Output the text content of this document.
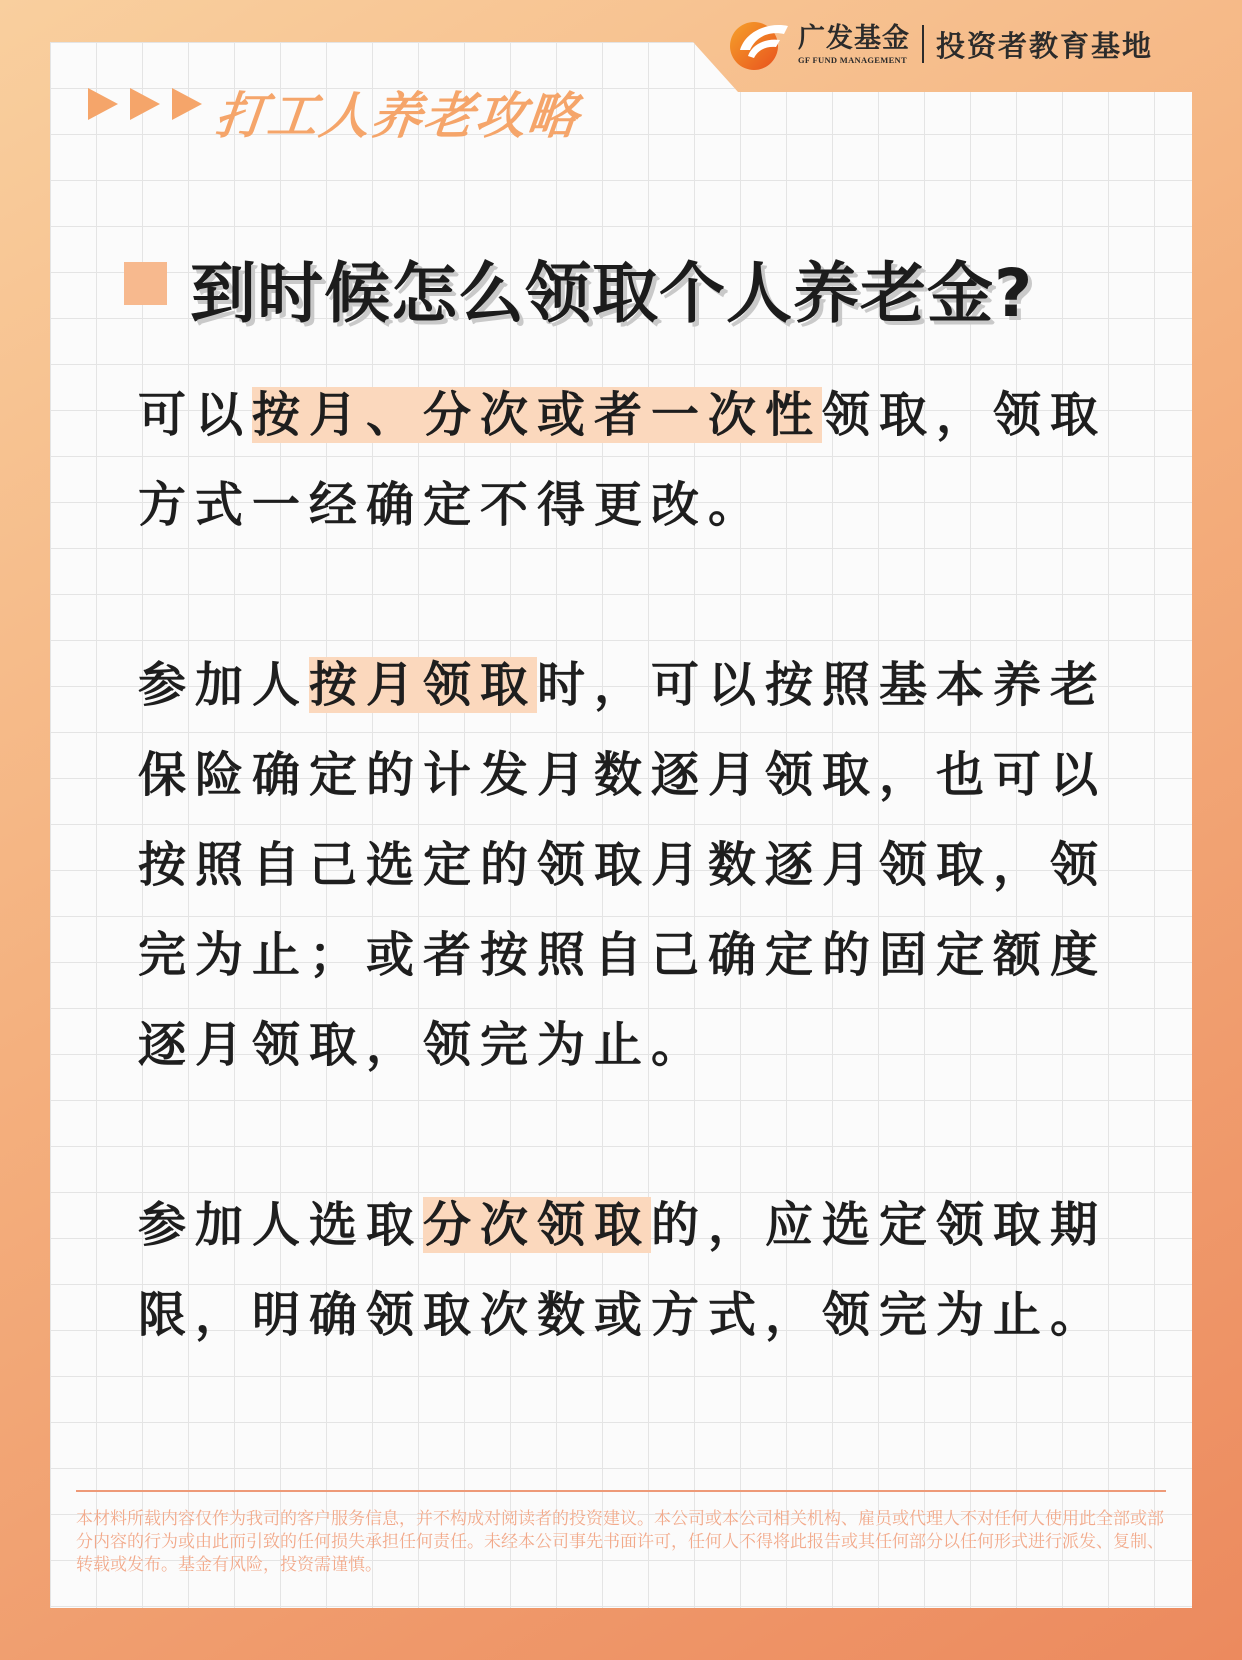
广发基金
GF FUND MANAGEMENT 投资者教育基地
打工人养老攻略
到时候怎么领取个人养老金?

可以按月、分次或者一次性领取，领取方式一经确定不得更改。

参加人按月领取时，可以按照基本养老保险确定的计发月数逐月领取，也可以按照自己选定的领取月数逐月领取，领完为止；或者按照自己确定的固定额度逐月领取，领完为止。

参加人选取分次领取的，应选定领取期限，明确领取次数或方式，领完为止。

本材料所载内容仅作为我司的客户服务信息，并不构成对阅读者的投资建议。本公司或本公司相关机构、雇员或代理人不对任何人使用此全部或部分内容的行为或由此而引致的任何损失承担任何责任。未经本公司事先书面许可，任何人不得将此报告或其任何部分以任何形式进行派发、复制、转载或发布。基金有风险，投资需谨慎。
